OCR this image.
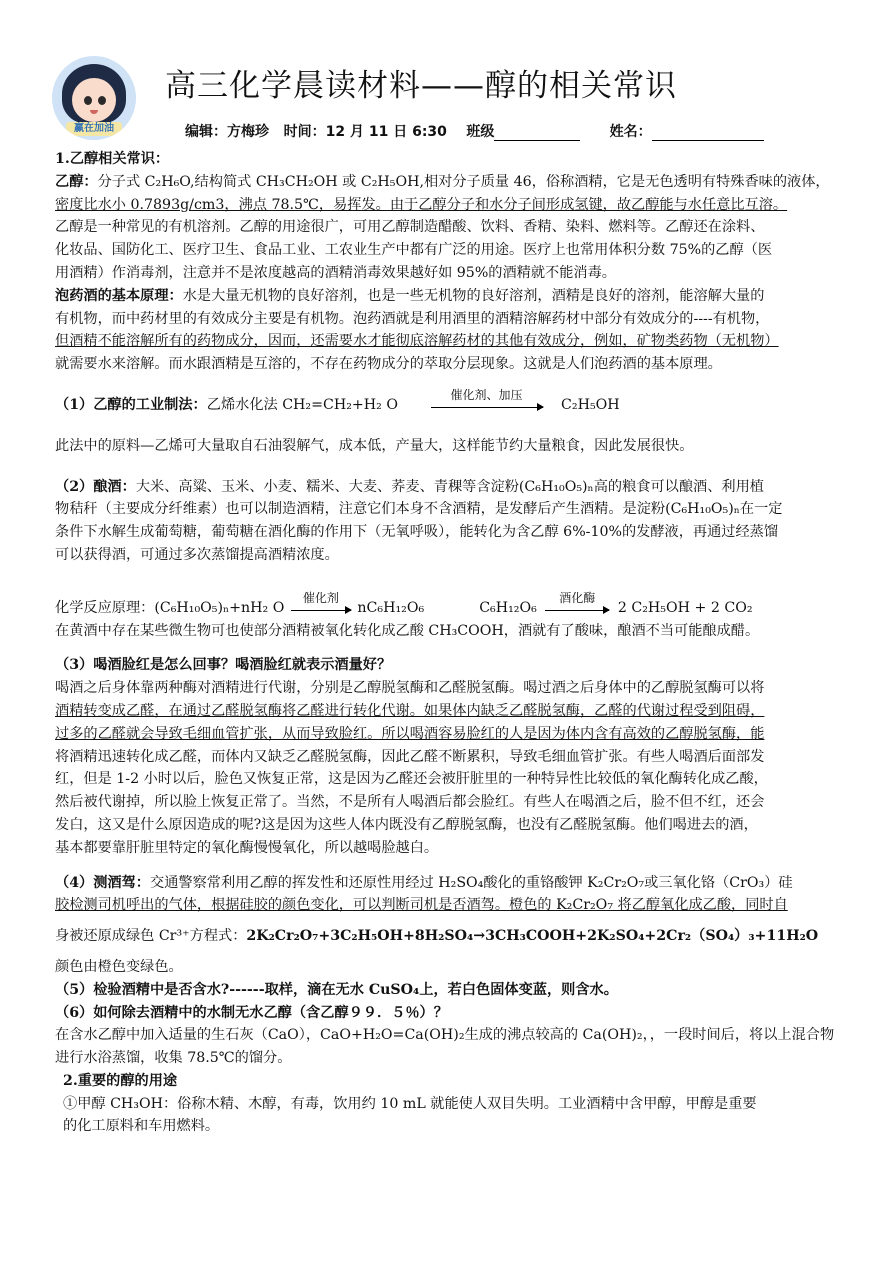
赢在加油
高三化学晨读材料——醇的相关常识
编辑：方梅珍 时间：12 月 11 日 6:30 班级	姓名：

1.乙醇相关常识：

乙醇：分子式 C₂H₆O,结构简式 CH₃CH₂OH 或 C₂H₅OH,相对分子质量 46，俗称酒精，它是无色透明有特殊香味的液体，

密度比水小 0.7893g/cm3，沸点 78.5℃，易挥发。由于乙醇分子和水分子间形成氢键，故乙醇能与水任意比互溶。

乙醇是一种常见的有机溶剂。乙醇的用途很广，可用乙醇制造醋酸、饮料、香精、染料、燃料等。乙醇还在涂料、

化妆品、国防化工、医疗卫生、食品工业、工农业生产中都有广泛的用途。医疗上也常用体积分数 75%的乙醇（医

用酒精）作消毒剂，注意并不是浓度越高的酒精消毒效果越好如 95%的酒精就不能消毒。

泡药酒的基本原理：水是大量无机物的良好溶剂，也是一些无机物的良好溶剂，酒精是良好的溶剂，能溶解大量的

有机物，而中药材里的有效成分主要是有机物。泡药酒就是利用酒里的酒精溶解药材中部分有效成分的----有机物，

但酒精不能溶解所有的药物成分，因而，还需要水才能彻底溶解药材的其他有效成分，例如，矿物类药物（无机物）

就需要水来溶解。而水跟酒精是互溶的，不存在药物成分的萃取分层现象。这就是人们泡药酒的基本原理。

（1）乙醇的工业制法：乙烯水化法 CH₂=CH₂+H₂ O
催化剂、加压
C₂H₅OH

此法中的原料—乙烯可大量取自石油裂解气，成本低，产量大，这样能节约大量粮食，因此发展很快。

（2）酿酒：大米、高粱、玉米、小麦、糯米、大麦、荞麦、青稞等含淀粉(C₆H₁₀O₅)ₙ高的粮食可以酿酒、利用植

物秸秆（主要成分纤维素）也可以制造酒精，注意它们本身不含酒精，是发酵后产生酒精。是淀粉(C₆H₁₀O₅)ₙ在一定

条件下水解生成葡萄糖，葡萄糖在酒化酶的作用下（无氧呼吸），能转化为含乙醇 6%-10%的发酵液，再通过经蒸馏

可以获得酒，可通过多次蒸馏提高酒精浓度。

化学反应原理：(C₆H₁₀O₅)ₙ+nH₂ O
催化剂
nC₆H₁₂O₆	C₆H₁₂O₆
酒化酶
2 C₂H₅OH + 2 CO₂

在黄酒中存在某些微生物可也使部分酒精被氧化转化成乙酸 CH₃COOH，酒就有了酸味，酿酒不当可能酿成醋。

（3）喝酒脸红是怎么回事？喝酒脸红就表示酒量好？

喝酒之后身体靠两种酶对酒精进行代谢，分别是乙醇脱氢酶和乙醛脱氢酶。喝过酒之后身体中的乙醇脱氢酶可以将

酒精转变成乙醛，在通过乙醛脱氢酶将乙醛进行转化代谢。如果体内缺乏乙醛脱氢酶，乙醛的代谢过程受到阻碍，

过多的乙醛就会导致毛细血管扩张，从而导致脸红。所以喝酒容易脸红的人是因为体内含有高效的乙醇脱氢酶，能

将酒精迅速转化成乙醛，而体内又缺乏乙醛脱氢酶，因此乙醛不断累积，导致毛细血管扩张。有些人喝酒后面部发

红，但是 1-2 小时以后，脸色又恢复正常，这是因为乙醛还会被肝脏里的一种特异性比较低的氧化酶转化成乙酸，

然后被代谢掉，所以脸上恢复正常了。当然，不是所有人喝酒后都会脸红。有些人在喝酒之后，脸不但不红，还会

发白，这又是什么原因造成的呢?这是因为这些人体内既没有乙醇脱氢酶，也没有乙醛脱氢酶。他们喝进去的酒，

基本都要靠肝脏里特定的氧化酶慢慢氧化，所以越喝脸越白。

（4）测酒驾：交通警察常利用乙醇的挥发性和还原性用经过 H₂SO₄酸化的重铬酸钾 K₂Cr₂O₇或三氧化铬（CrO₃）硅

胶检测司机呼出的气体，根据硅胶的颜色变化，可以判断司机是否酒驾。橙色的 K₂Cr₂O₇ 将乙醇氧化成乙酸，同时自

身被还原成绿色 Cr³⁺方程式：2K₂Cr₂O₇+3C₂H₅OH+8H₂SO₄→3CH₃COOH+2K₂SO₄+2Cr₂（SO₄）₃+11H₂O

颜色由橙色变绿色。

（5）检验酒精中是否含水?------取样，滴在无水 CuSO₄上，若白色固体变蓝，则含水。

（6）如何除去酒精中的水制无水乙醇（含乙醇９９．５％）？

在含水乙醇中加入适量的生石灰（CaO），CaO+H₂O=Ca(OH)₂生成的沸点较高的 Ca(OH)₂，，一段时间后，将以上混合物

进行水浴蒸馏，收集 78.5℃的馏分。

2.重要的醇的用途

①甲醇 CH₃OH：俗称木精、木醇，有毒，饮用约 10 mL 就能使人双目失明。工业酒精中含甲醇，甲醇是重要

的化工原料和车用燃料。
